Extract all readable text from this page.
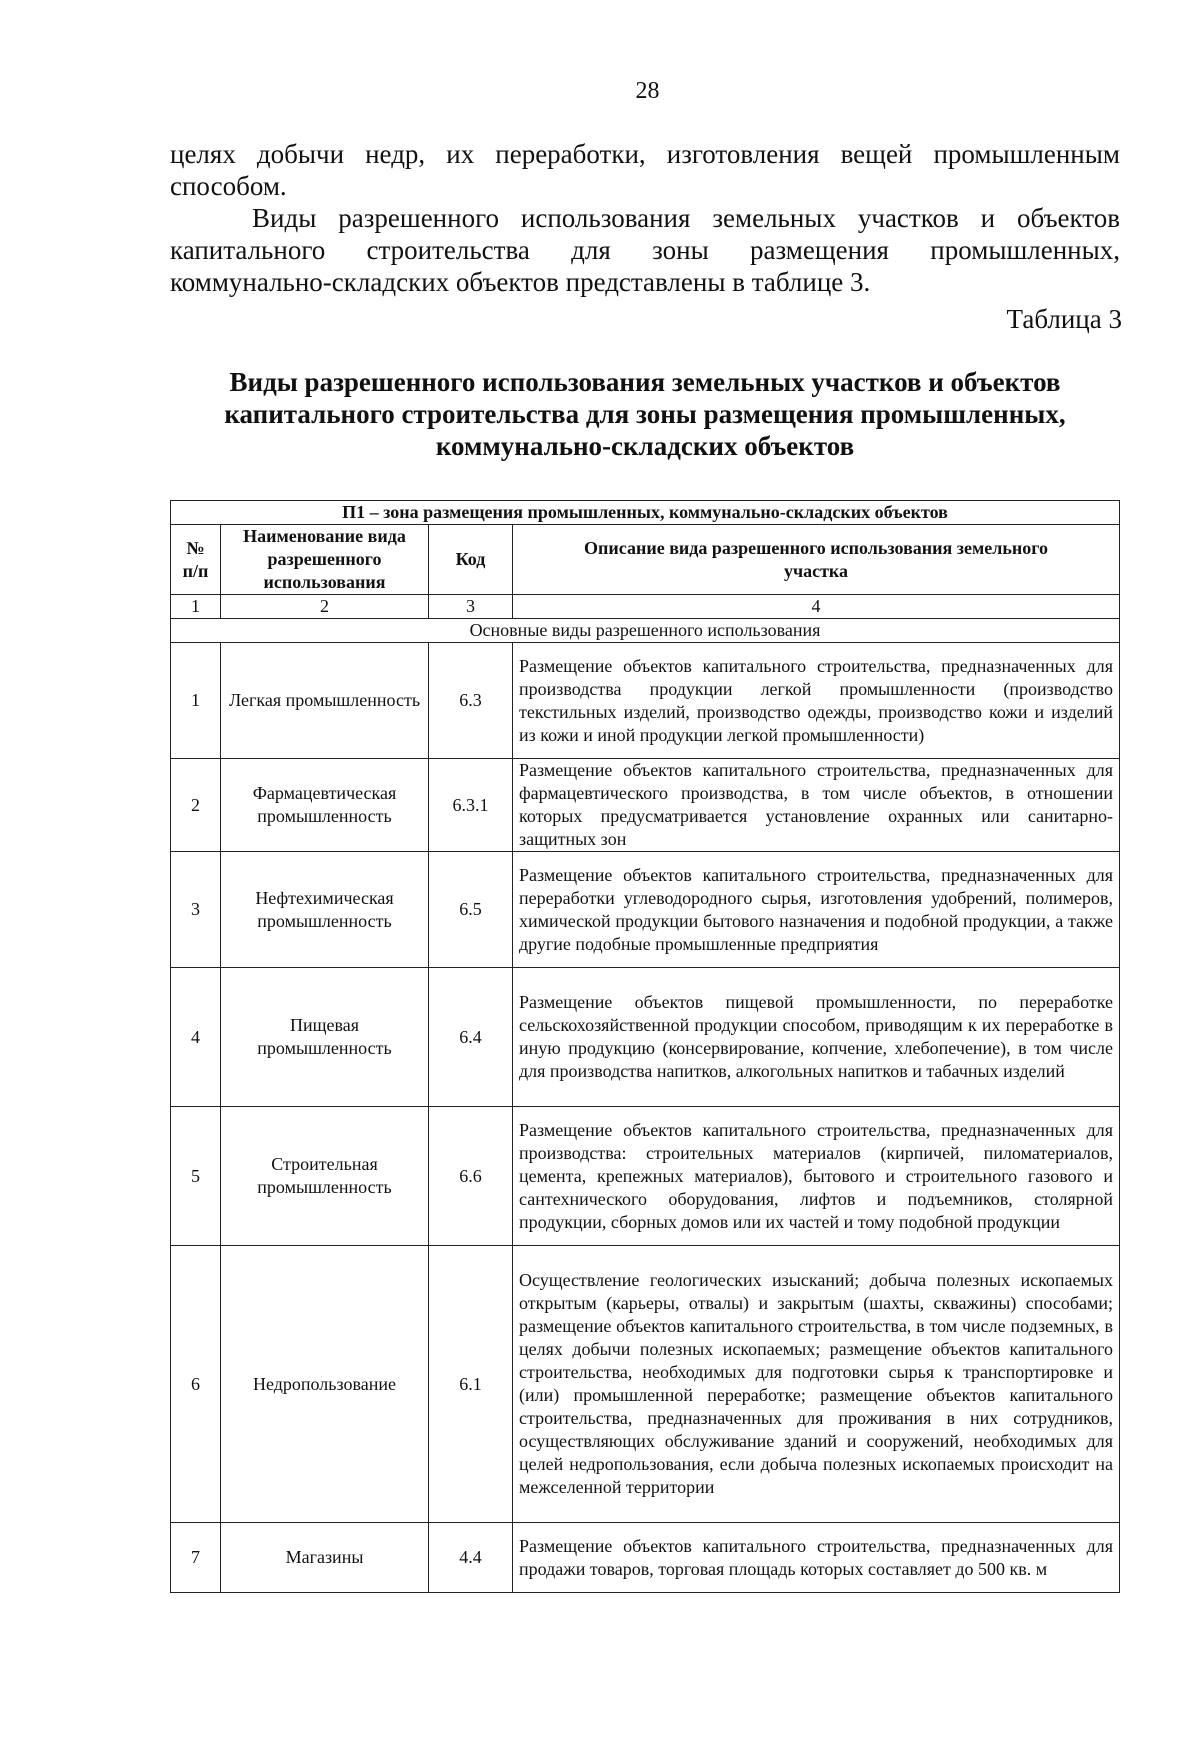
28

целях добычи недр, их переработки, изготовления вещей промышленным
способом.

Виды разрешенного использования земельных участков и объектов
капитального строительства для зоны размещения промышленных,
коммунально-складских объектов представлены в таблице 3.

Таблица 3
Виды разрешенного использования земельных участков и объектов
капитального строительства для зоны размещения промышленных,
коммунально-складских объектов
П1 – зона размещения промышленных, коммунально-складских объектов			
№ п/п	Наименование вида разрешенного использования	Код	Описание вида разрешенного использования земельного участка
1	2	3	4
Основные виды разрешенного использования			
1	Легкая промышленность	6.3	Размещение объектов капитального строительства, предназначенных для производства продукции легкой промышленности (производство текстильных изделий, производство одежды, производство кожи и изделий из кожи и иной продукции легкой промышленности)
2	Фармацевтическая промышленность	6.3.1	Размещение объектов капитального строительства, предназначенных для фармацевтического производства, в том числе объектов, в отношении которых предусматривается установление охранных или санитарно-защитных зон
3	Нефтехимическая промышленность	6.5	Размещение объектов капитального строительства, предназначенных для переработки углеводородного сырья, изготовления удобрений, полимеров, химической продукции бытового назначения и подобной продукции, а также другие подобные промышленные предприятия
4	Пищевая промышленность	6.4	Размещение объектов пищевой промышленности, по переработке сельскохозяйственной продукции способом, приводящим к их переработке в иную продукцию (консервирование, копчение, хлебопечение), в том числе для производства напитков, алкогольных напитков и табачных изделий
5	Строительная промышленность	6.6	Размещение объектов капитального строительства, предназначенных для производства: строительных материалов (кирпичей, пиломатериалов, цемента, крепежных материалов), бытового и строительного газового и сантехнического оборудования, лифтов и подъемников, столярной продукции, сборных домов или их частей и тому подобной продукции
6	Недропользование	6.1	Осуществление геологических изысканий; добыча полезных ископаемых открытым (карьеры, отвалы) и закрытым (шахты, скважины) способами; размещение объектов капитального строительства, в том числе подземных, в целях добычи полезных ископаемых; размещение объектов капитального строительства, необходимых для подготовки сырья к транспортировке и (или) промышленной переработке; размещение объектов капитального строительства, предназначенных для проживания в них сотрудников, осуществляющих обслуживание зданий и сооружений, необходимых для целей недропользования, если добыча полезных ископаемых происходит на межселенной территории
7	Магазины	4.4	Размещение объектов капитального строительства, предназначенных для продажи товаров, торговая площадь которых составляет до 500 кв. м
